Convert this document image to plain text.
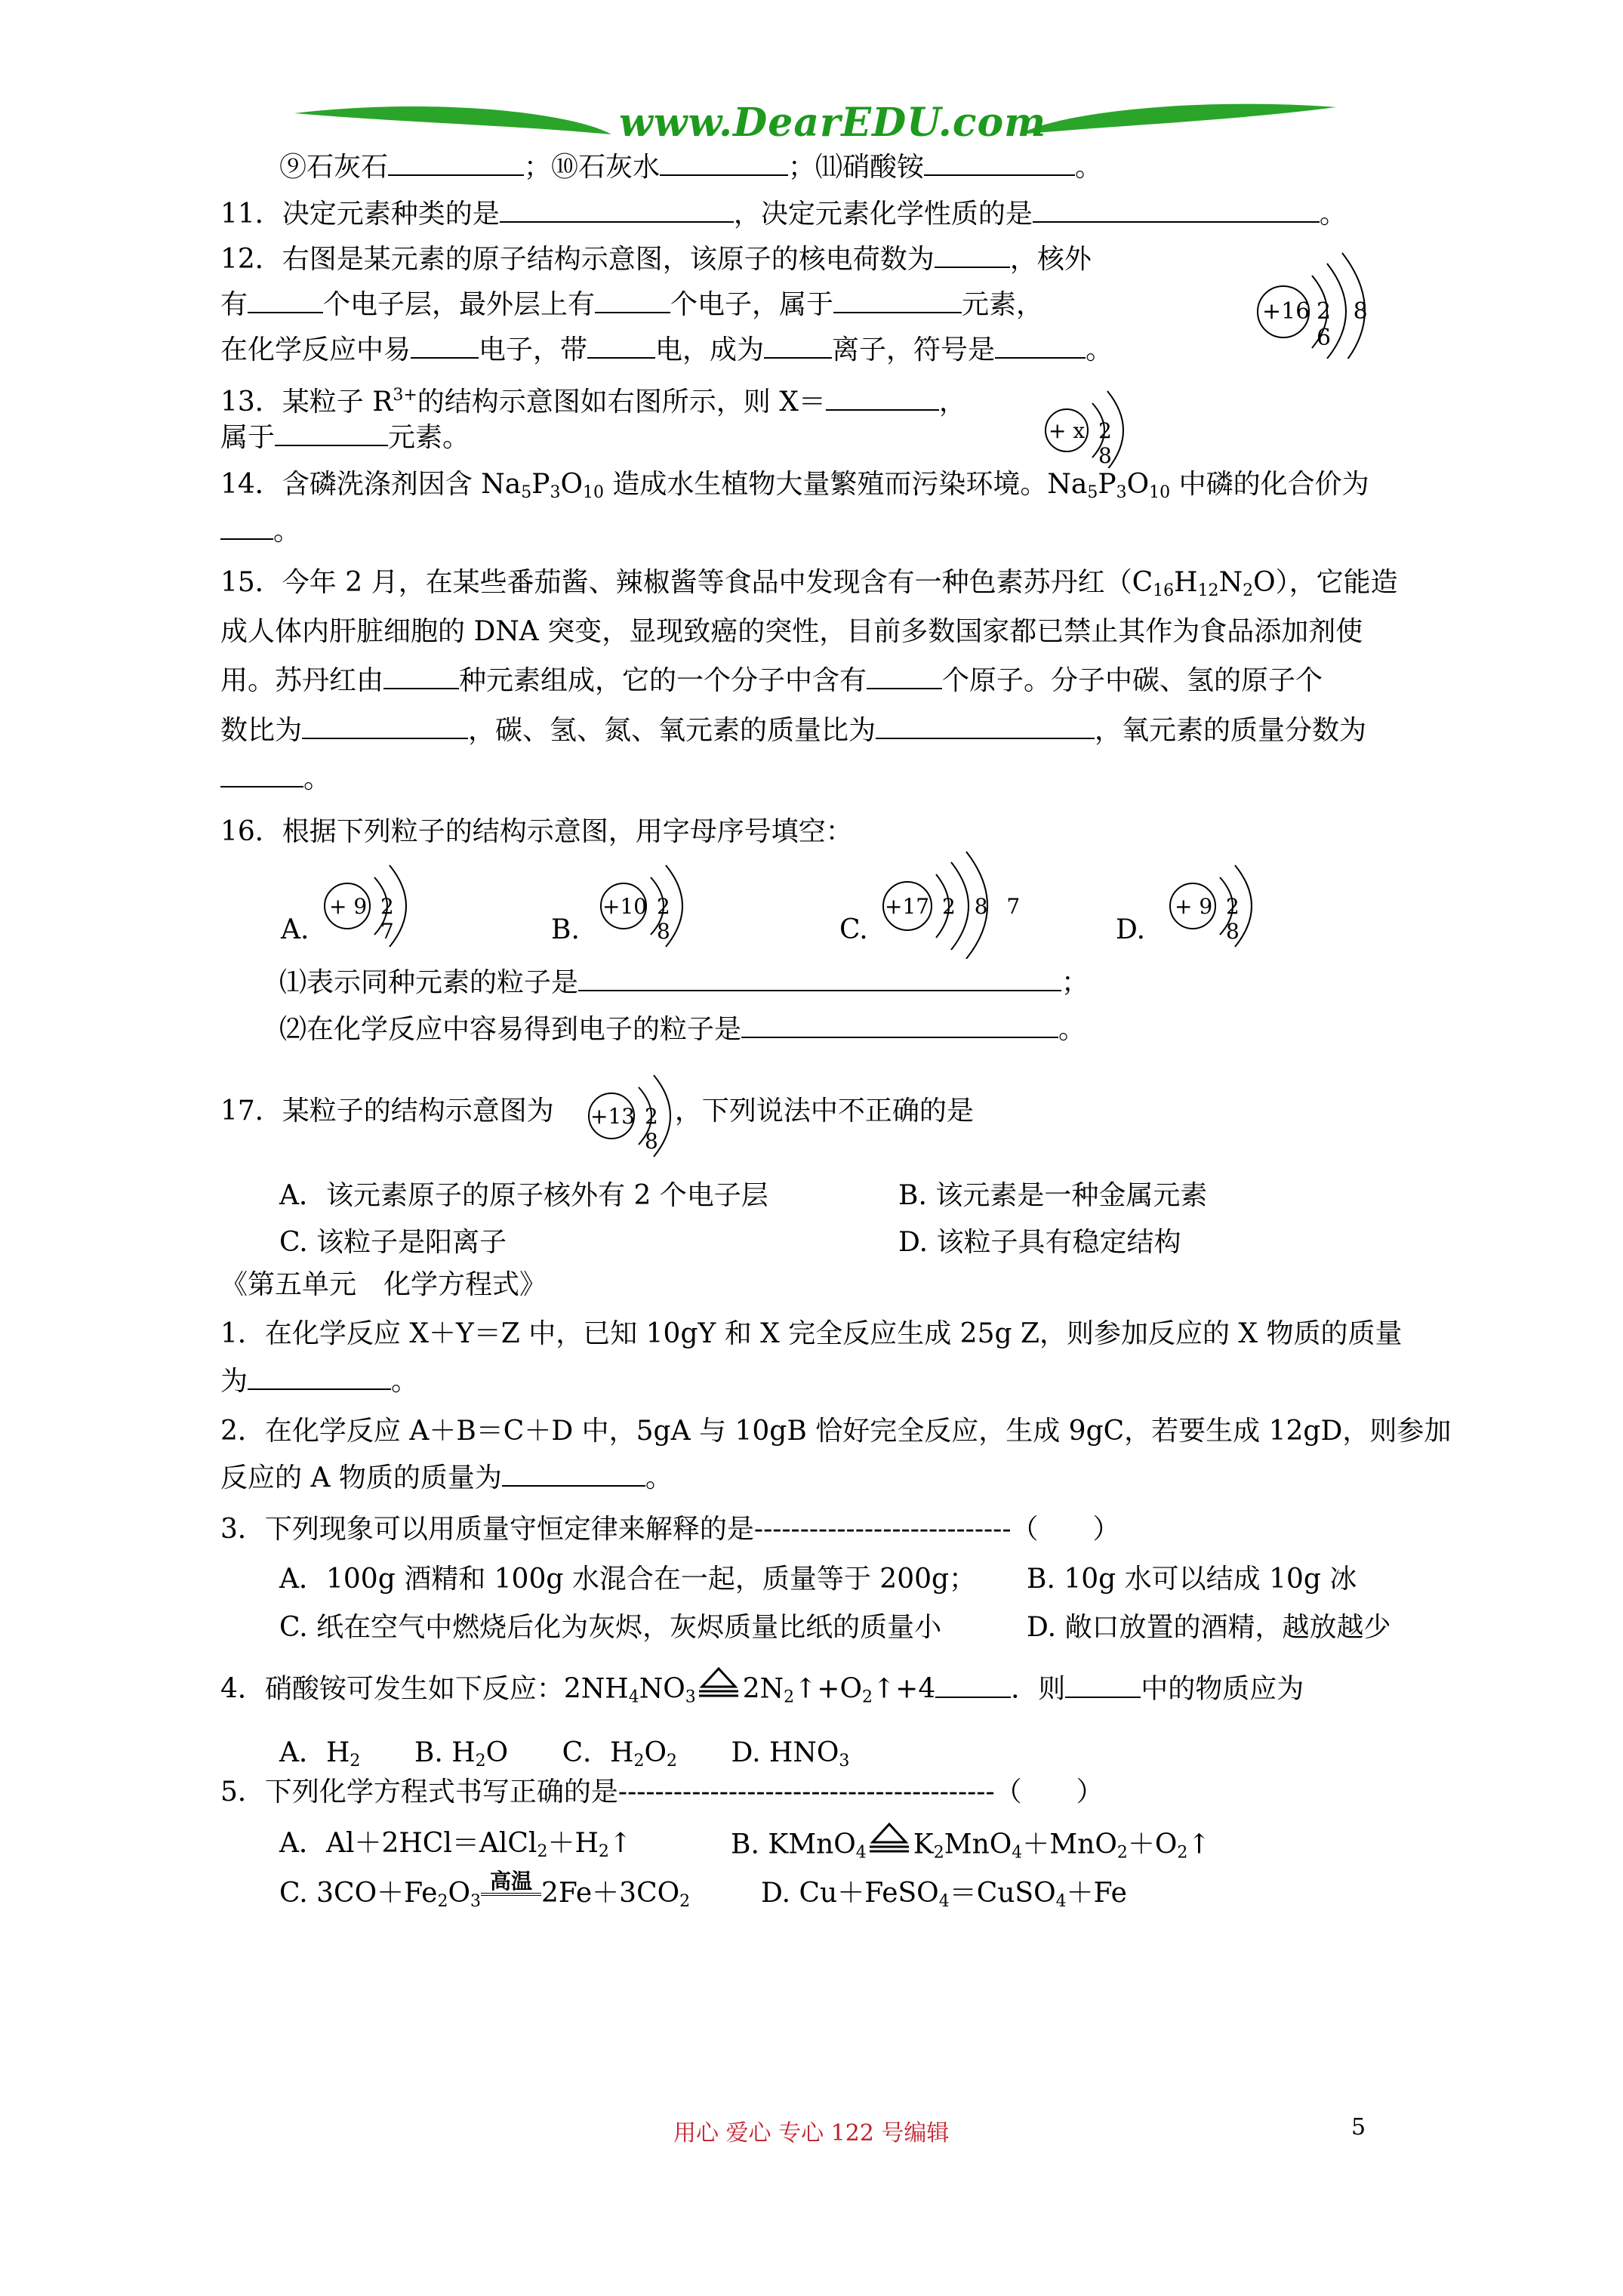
www.DearEDU.com
⑨石灰石	；⑩石灰水	；⑾硝酸铵	。
11．决定元素种类的是	，决定元素化学性质的是	。
12．右图是某元素的原子结构示意图，该原子的核电荷数为	，核外
有	个电子层，最外层上有	个电子，属于	元素，
在化学反应中易	电子，带	电，成为	离子，符号是	。
+16 2 8 6
13．某粒子 $R^{3+}$的结构示意图如右图所示，则 X＝	，
属于	元素。	+ x 2 8
14．含磷洗涤剂因含 $Na_5P_3O_{10}$ 造成水生植物大量繁殖而污染环境。$Na_5P_3O_{10}$ 中磷的化合价为
。
15．今年 2 月，在某些番茄酱、辣椒酱等食品中发现含有一种色素苏丹红$(C_{16}H_{12}N_2O)$，它能造
成人体内肝脏细胞的 DNA 突变，显现致癌的突性，目前多数国家都已禁止其作为食品添加剂使
用。苏丹红由	种元素组成，它的一个分子中含有	个原子。分子中碳、氢的原子个
数比为	，碳、氢、氮、氧元素的质量比为	，氧元素的质量分数为
。
16．根据下列粒子的结构示意图，用字母序号填空：
A.	B.	C.	D.
+ 9 2 7
+10 2 8
+17 2 8 7	+ 9 2 8
⑴表示同种元素的粒子是	；
⑵在化学反应中容易得到电子的粒子是	。
17．某粒子的结构示意图为	，下列说法中不正确的是
+13 2 8
A．该元素原子的原子核外有 2 个电子层	B. 该元素是一种金属元素
C. 该粒子是阳离子	D. 该粒子具有稳定结构
《第五单元　化学方程式》
1．在化学反应 X＋Y＝Z 中，已知 10gY 和 X 完全反应生成 25g Z，则参加反应的 X 物质的质量
为	。
2．在化学反应 A＋B＝C＋D 中，5gA 与 10gB 恰好完全反应，生成 9gC，若要生成 12gD，则参加
反应的 A 物质的质量为	。
3．下列现象可以用质量守恒定律来解释的是----------------------------（　　）
A．100g 酒精和 100g 水混合在一起，质量等于 200g； B. 10g 水可以结成 10g 冰
C. 纸在空气中燃烧后化为灰烬，灰烬质量比纸的质量小	D. 敞口放置的酒精，越放越少
4．硝酸铵可发生如下反应：$2NH_4NO_3$ $2N_2↑+O_2↑+4$	．则	中的物质应为
A．$H_2$ B. $H_2O$ C．$H_2O_2$ D. $HNO_3$
5．下列化学方程式书写正确的是-----------------------------------------（　　）
A．$Al+2HCl=AlCl_2+H_2↑$	B. KMnO$_4$ $K_2MnO_4+MnO_2+O_2↑$
C. $3CO+Fe_2O_3$高温 $2Fe+3CO_2$	D. Cu＋FeSO$_4$＝CuSO$_4$＋Fe
用心 爱心 专心 122 号编辑	5
